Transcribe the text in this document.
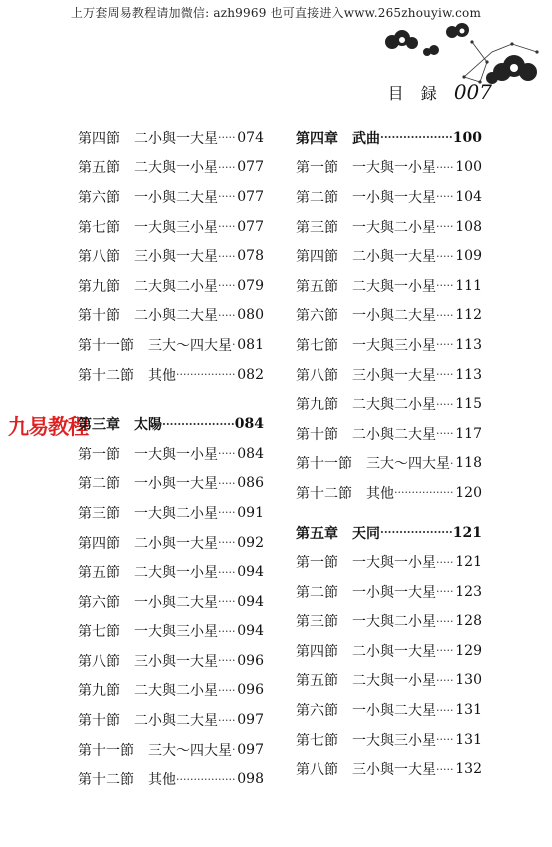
上万套周易教程请加微信: azh9969 也可直接进入www.265zhouyiw.com
目 録 007
九易教程
第四節 二小與一大星 ····· 074
第五節 二大與一小星 ····· 077
第六節 一小與二大星 ····· 077
第七節 一大與三小星 ····· 077
第八節 三小與一大星 ····· 078
第九節 二大與二小星 ····· 079
第十節 二小與二大星 ····· 080
第十一節 三大～四大星 ····· 081
第十二節 其他 ·····	082
第三章 太陽 ·····	084
第一節 一大與一小星 ····· 084
第二節 一小與一大星 ····· 086
第三節 一大與二小星 ····· 091
第四節 二小與一大星 ····· 092
第五節 二大與一小星 ····· 094
第六節 一小與二大星 ····· 094
第七節 一大與三小星 ····· 094
第八節 三小與一大星 ····· 096
第九節 二大與二小星 ····· 096
第十節 二小與二大星 ····· 097
第十一節 三大～四大星 ····· 097
第十二節 其他 ·····	098
第四章 武曲 ·····	100
第一節 一大與一小星 ····· 100
第二節 一小與一大星 ····· 104
第三節 一大與二小星 ····· 108
第四節 二小與一大星 ····· 109
第五節 二大與一小星 ····· 111
第六節 一小與二大星 ····· 112
第七節 一大與三小星 ····· 113
第八節 三小與一大星 ····· 113
第九節 二大與二小星 ····· 115
第十節 二小與二大星 ····· 117
第十一節 三大～四大星 ····· 118
第十二節 其他 ·····	120
第五章 天同 ·····	121
第一節 一大與一小星 ····· 121
第二節 一小與一大星 ····· 123
第三節 一大與二小星 ····· 128
第四節 二小與一大星 ····· 129
第五節 二大與一小星 ····· 130
第六節 一小與二大星 ····· 131
第七節 一大與三小星 ····· 131
第八節 三小與一大星 ····· 132
